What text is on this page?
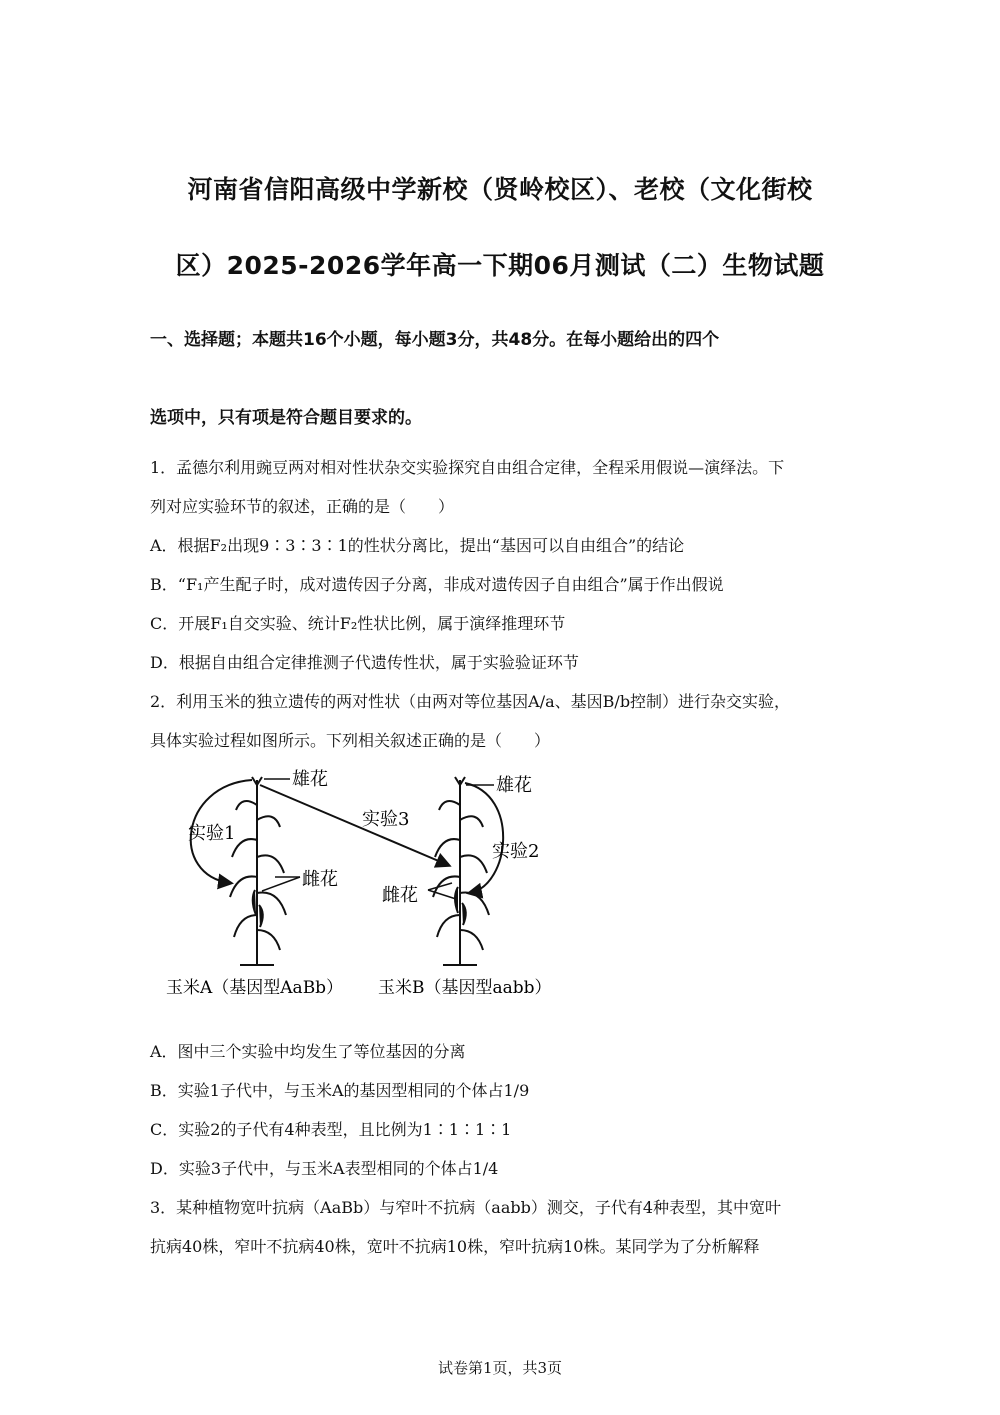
河南省信阳高级中学新校（贤岭校区）、老校（文化街校
区）2025-2026学年高一下期06月测试（二）生物试题
一、选择题；本题共16个小题，每小题3分，共48分。在每小题给出的四个
选项中，只有项是符合题目要求的。
1．孟德尔利用豌豆两对相对性状杂交实验探究自由组合定律，全程采用假说—演绎法。下
列对应实验环节的叙述，正确的是（　　）
A．根据F₂出现9∶3∶3∶1的性状分离比，提出“基因可以自由组合”的结论
B．“F₁产生配子时，成对遗传因子分离，非成对遗传因子自由组合”属于作出假说
C．开展F₁自交实验、统计F₂性状比例，属于演绎推理环节
D．根据自由组合定律推测子代遗传性状，属于实验验证环节
2．利用玉米的独立遗传的两对性状（由两对等位基因A/a、基因B/b控制）进行杂交实验，
具体实验过程如图所示。下列相关叙述正确的是（　　）
雄花	雄花
雌花
雌花
实验1
实验2
实验3
玉米A（基因型AaBb） 玉米B（基因型aabb）
A．图中三个实验中均发生了等位基因的分离
B．实验1子代中，与玉米A的基因型相同的个体占1/9
C．实验2的子代有4种表型，且比例为1∶1∶1∶1
D．实验3子代中，与玉米A表型相同的个体占1/4
3．某种植物宽叶抗病（AaBb）与窄叶不抗病（aabb）测交，子代有4种表型，其中宽叶
抗病40株，窄叶不抗病40株，宽叶不抗病10株，窄叶抗病10株。某同学为了分析解释
试卷第1页，共3页
